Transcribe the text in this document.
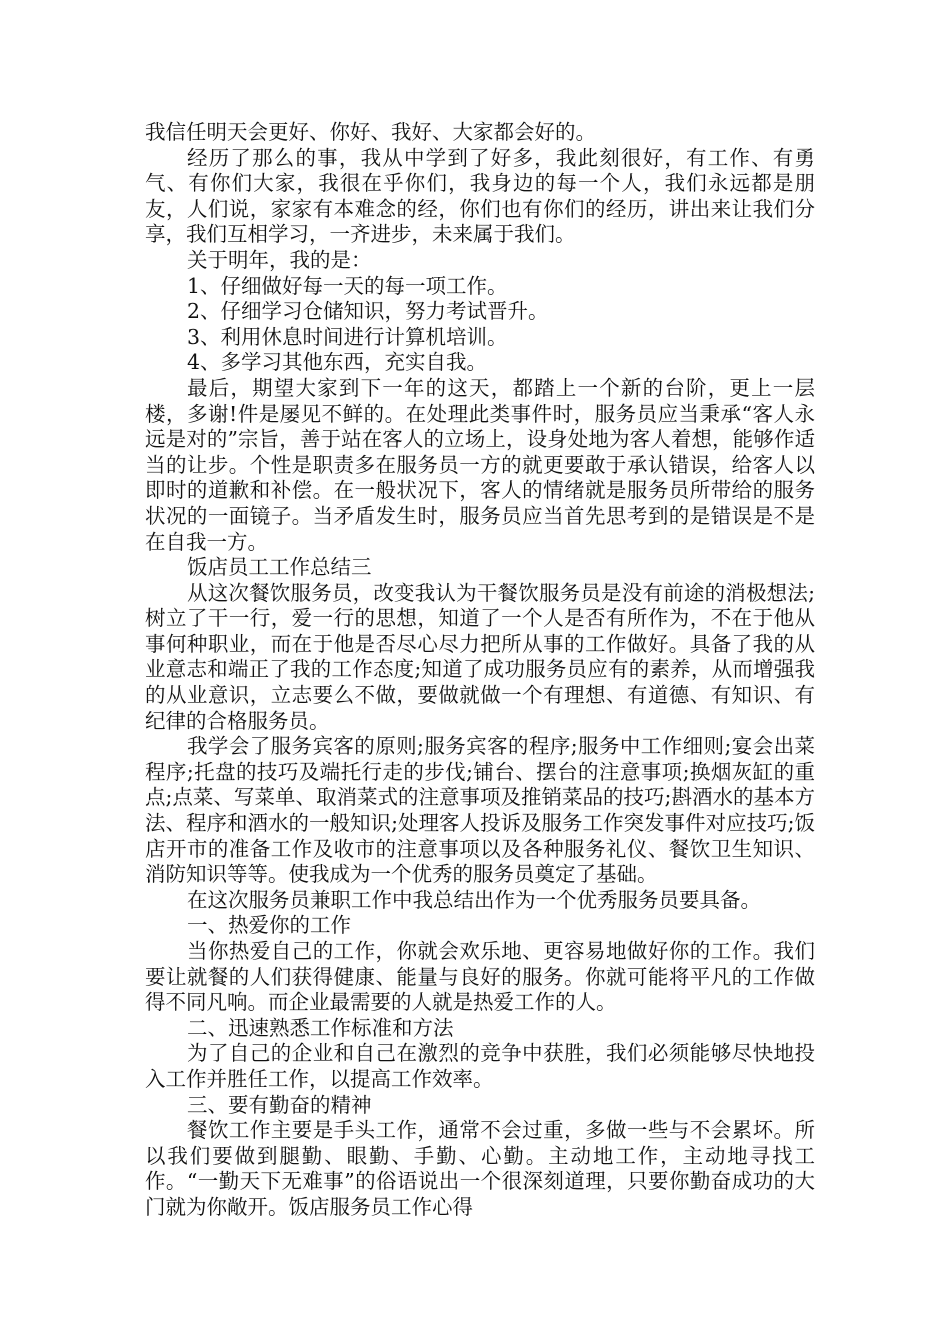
我信任明天会更好、你好、我好、大家都会好的。

经历了那么的事，我从中学到了好多，我此刻很好，有工作、有勇气、有你们大家，我很在乎你们，我身边的每一个人，我们永远都是朋友，人们说，家家有本难念的经，你们也有你们的经历，讲出来让我们分享，我们互相学习，一齐进步，未来属于我们。

关于明年，我的是：

1、仔细做好每一天的每一项工作。

2、仔细学习仓储知识，努力考试晋升。

3、利用休息时间进行计算机培训。

4、多学习其他东西，充实自我。

最后，期望大家到下一年的这天，都踏上一个新的台阶，更上一层楼，多谢!件是屡见不鲜的。在处理此类事件时，服务员应当秉承“客人永远是对的”宗旨，善于站在客人的立场上，设身处地为客人着想，能够作适当的让步。个性是职责多在服务员一方的就更要敢于承认错误，给客人以即时的道歉和补偿。在一般状况下，客人的情绪就是服务员所带给的服务状况的一面镜子。当矛盾发生时，服务员应当首先思考到的是错误是不是在自我一方。

饭店员工工作总结三

从这次餐饮服务员，改变我认为干餐饮服务员是没有前途的消极想法;树立了干一行，爱一行的思想，知道了一个人是否有所作为，不在于他从事何种职业，而在于他是否尽心尽力把所从事的工作做好。具备了我的从业意志和端正了我的工作态度;知道了成功服务员应有的素养，从而增强我的从业意识，立志要么不做，要做就做一个有理想、有道德、有知识、有纪律的合格服务员。

我学会了服务宾客的原则;服务宾客的程序;服务中工作细则;宴会出菜程序;托盘的技巧及端托行走的步伐;铺台、摆台的注意事项;换烟灰缸的重点;点菜、写菜单、取消菜式的注意事项及推销菜品的技巧;斟酒水的基本方法、程序和酒水的一般知识;处理客人投诉及服务工作突发事件对应技巧;饭店开市的准备工作及收市的注意事项以及各种服务礼仪、餐饮卫生知识、消防知识等等。使我成为一个优秀的服务员奠定了基础。

在这次服务员兼职工作中我总结出作为一个优秀服务员要具备。

一、热爱你的工作

当你热爱自己的工作，你就会欢乐地、更容易地做好你的工作。我们要让就餐的人们获得健康、能量与良好的服务。你就可能将平凡的工作做得不同凡响。而企业最需要的人就是热爱工作的人。

二、迅速熟悉工作标准和方法

为了自己的企业和自己在激烈的竞争中获胜，我们必须能够尽快地投入工作并胜任工作，以提高工作效率。

三、要有勤奋的精神

餐饮工作主要是手头工作，通常不会过重，多做一些与不会累坏。所以我们要做到腿勤、眼勤、手勤、心勤。主动地工作，主动地寻找工作。“一勤天下无难事”的俗语说出一个很深刻道理，只要你勤奋成功的大门就为你敞开。饭店服务员工作心得
